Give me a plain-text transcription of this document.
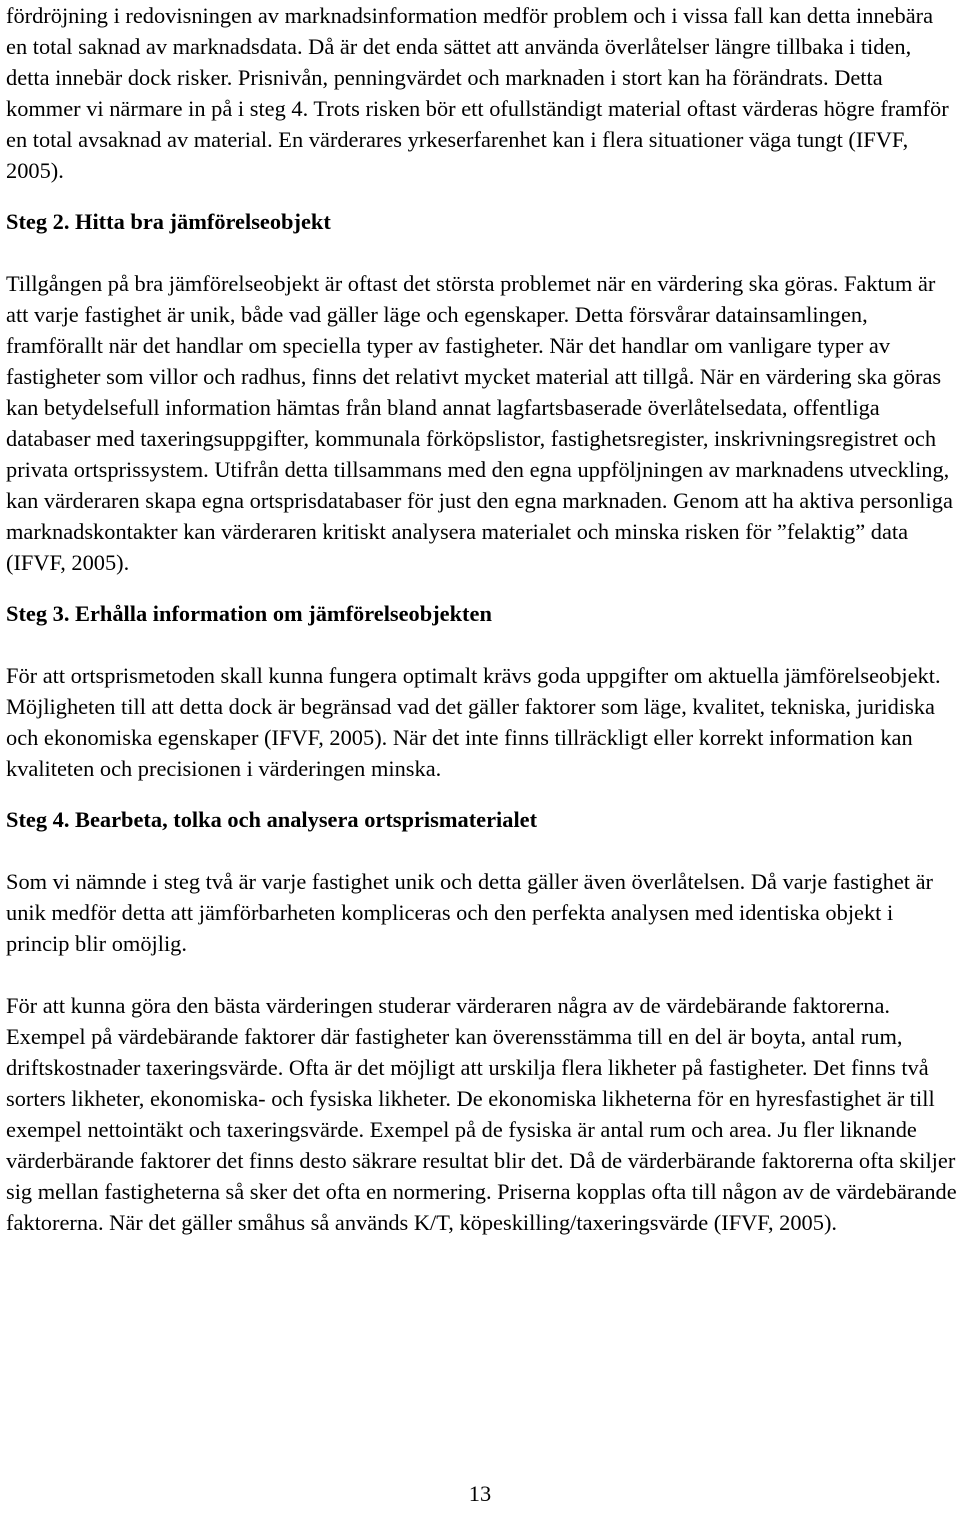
fördröjning i redovisningen av marknadsinformation medför problem och i vissa fall kan detta innebära en total saknad av marknadsdata. Då är det enda sättet att använda överlåtelser längre tillbaka i tiden, detta innebär dock risker. Prisnivån, penningvärdet och marknaden i stort kan ha förändrats. Detta kommer vi närmare in på i steg 4. Trots risken bör ett ofullständigt material oftast värderas högre framför en total avsaknad av material. En värderares yrkeserfarenhet kan i flera situationer väga tungt (IFVF, 2005).

Steg 2. Hitta bra jämförelseobjekt

Tillgången på bra jämförelseobjekt är oftast det största problemet när en värdering ska göras. Faktum är att varje fastighet är unik, både vad gäller läge och egenskaper. Detta försvårar datainsamlingen, framförallt när det handlar om speciella typer av fastigheter. När det handlar om vanligare typer av fastigheter som villor och radhus, finns det relativt mycket material att tillgå. När en värdering ska göras kan betydelsefull information hämtas från bland annat lagfartsbaserade överlåtelsedata, offentliga databaser med taxeringsuppgifter, kommunala förköpslistor, fastighetsregister, inskrivningsregistret och privata ortsprissystem. Utifrån detta tillsammans med den egna uppföljningen av marknadens utveckling, kan värderaren skapa egna ortsprisdatabaser för just den egna marknaden. Genom att ha aktiva personliga marknadskontakter kan värderaren kritiskt analysera materialet och minska risken för ”felaktig” data (IFVF, 2005).

Steg 3. Erhålla information om jämförelseobjekten

För att ortsprismetoden skall kunna fungera optimalt krävs goda uppgifter om aktuella jämförelseobjekt. Möjligheten till att detta dock är begränsad vad det gäller faktorer som läge, kvalitet, tekniska, juridiska och ekonomiska egenskaper (IFVF, 2005). När det inte finns tillräckligt eller korrekt information kan kvaliteten och precisionen i värderingen minska.

Steg 4. Bearbeta, tolka och analysera ortsprismaterialet

Som vi nämnde i steg två är varje fastighet unik och detta gäller även överlåtelsen. Då varje fastighet är unik medför detta att jämförbarheten kompliceras och den perfekta analysen med identiska objekt i princip blir omöjlig.

För att kunna göra den bästa värderingen studerar värderaren några av de värdebärande faktorerna. Exempel på värdebärande faktorer där fastigheter kan överensstämma till en del är boyta, antal rum, driftskostnader taxeringsvärde. Ofta är det möjligt att urskilja flera likheter på fastigheter. Det finns två sorters likheter, ekonomiska- och fysiska likheter. De ekonomiska likheterna för en hyresfastighet är till exempel nettointäkt och taxeringsvärde. Exempel på de fysiska är antal rum och area. Ju fler liknande värderbärande faktorer det finns desto säkrare resultat blir det. Då de värderbärande faktorerna ofta skiljer sig mellan fastigheterna så sker det ofta en normering. Priserna kopplas ofta till någon av de värdebärande faktorerna. När det gäller småhus så används K/T, köpeskilling/taxeringsvärde (IFVF, 2005).

13
